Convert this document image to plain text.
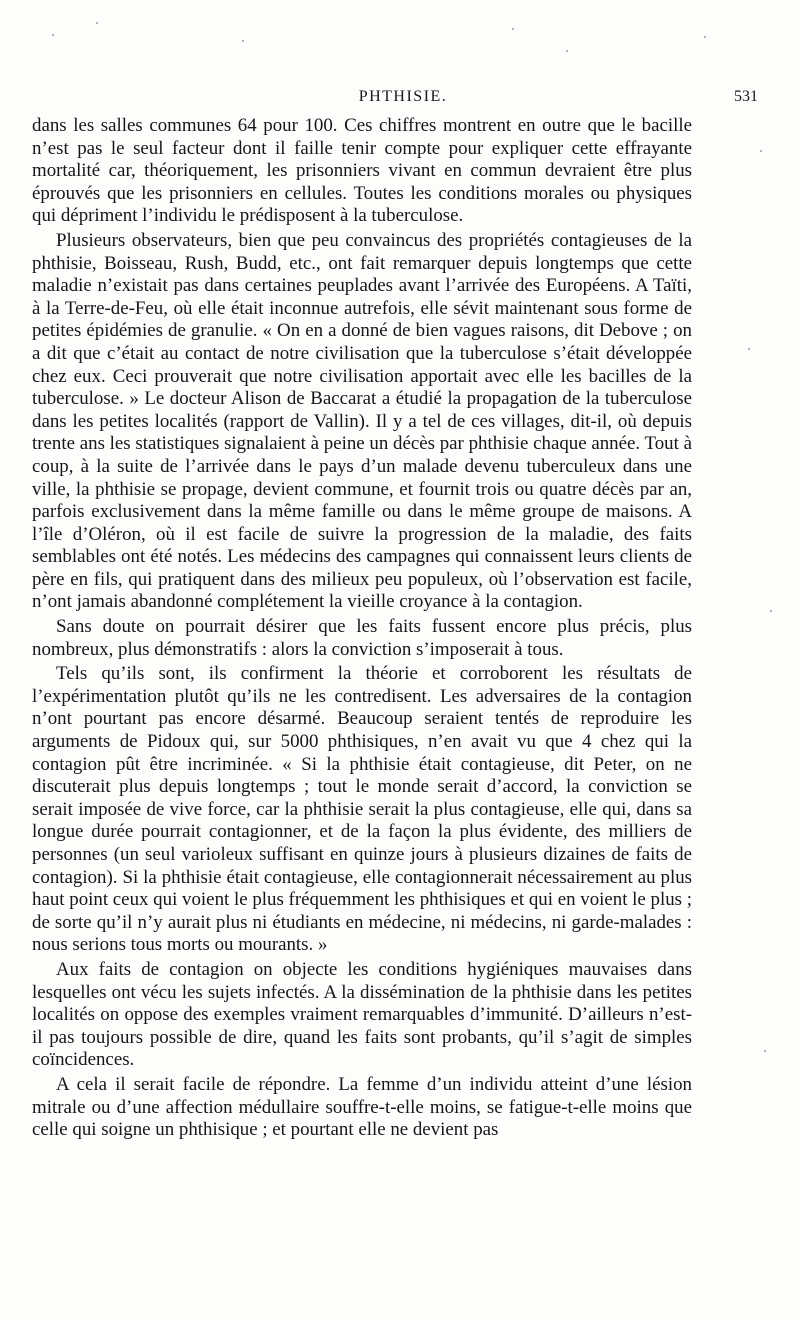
PHTHISIE.	531

dans les salles communes 64 pour 100. Ces chiffres montrent en outre que le bacille n’est pas le seul facteur dont il faille tenir compte pour expliquer cette effrayante mortalité car, théoriquement, les prisonniers vivant en commun devraient être plus éprouvés que les prisonniers en cellules. Toutes les conditions morales ou physiques qui dépriment l’individu le prédisposent à la tuberculose.

Plusieurs observateurs, bien que peu convaincus des propriétés contagieuses de la phthisie, Boisseau, Rush, Budd, etc., ont fait remarquer depuis longtemps que cette maladie n’existait pas dans certaines peuplades avant l’arrivée des Européens. A Taïti, à la Terre-de-Feu, où elle était inconnue autrefois, elle sévit maintenant sous forme de petites épidémies de granulie. « On en a donné de bien vagues raisons, dit Debove ; on a dit que c’était au contact de notre civilisation que la tuberculose s’était développée chez eux. Ceci prouverait que notre civilisation apportait avec elle les bacilles de la tuberculose. » Le docteur Alison de Baccarat a étudié la propagation de la tuberculose dans les petites localités (rapport de Vallin). Il y a tel de ces villages, dit-il, où depuis trente ans les statistiques signalaient à peine un décès par phthisie chaque année. Tout à coup, à la suite de l’arrivée dans le pays d’un malade devenu tuberculeux dans une ville, la phthisie se propage, devient commune, et fournit trois ou quatre décès par an, parfois exclusivement dans la même famille ou dans le même groupe de maisons. A l’île d’Oléron, où il est facile de suivre la progression de la maladie, des faits semblables ont été notés. Les médecins des campagnes qui connaissent leurs clients de père en fils, qui pratiquent dans des milieux peu populeux, où l’observation est facile, n’ont jamais abandonné complétement la vieille croyance à la contagion.

Sans doute on pourrait désirer que les faits fussent encore plus précis, plus nombreux, plus démonstratifs : alors la conviction s’imposerait à tous.

Tels qu’ils sont, ils confirment la théorie et corroborent les résultats de l’expérimentation plutôt qu’ils ne les contredisent. Les adversaires de la contagion n’ont pourtant pas encore désarmé. Beaucoup seraient tentés de reproduire les arguments de Pidoux qui, sur 5000 phthisiques, n’en avait vu que 4 chez qui la contagion pût être incriminée. « Si la phthisie était contagieuse, dit Peter, on ne discuterait plus depuis longtemps ; tout le monde serait d’accord, la conviction se serait imposée de vive force, car la phthisie serait la plus contagieuse, elle qui, dans sa longue durée pourrait contagionner, et de la façon la plus évidente, des milliers de personnes (un seul varioleux suffisant en quinze jours à plusieurs dizaines de faits de contagion). Si la phthisie était contagieuse, elle contagionnerait nécessairement au plus haut point ceux qui voient le plus fréquemment les phthisiques et qui en voient le plus ; de sorte qu’il n’y aurait plus ni étudiants en médecine, ni médecins, ni garde-malades : nous serions tous morts ou mourants. »

Aux faits de contagion on objecte les conditions hygiéniques mauvaises dans lesquelles ont vécu les sujets infectés. A la dissémination de la phthisie dans les petites localités on oppose des exemples vraiment remarquables d’immunité. D’ailleurs n’est-il pas toujours possible de dire, quand les faits sont probants, qu’il s’agit de simples coïncidences.

A cela il serait facile de répondre. La femme d’un individu atteint d’une lésion mitrale ou d’une affection médullaire souffre-t-elle moins, se fatigue-t-elle moins que celle qui soigne un phthisique ; et pourtant elle ne devient pas
